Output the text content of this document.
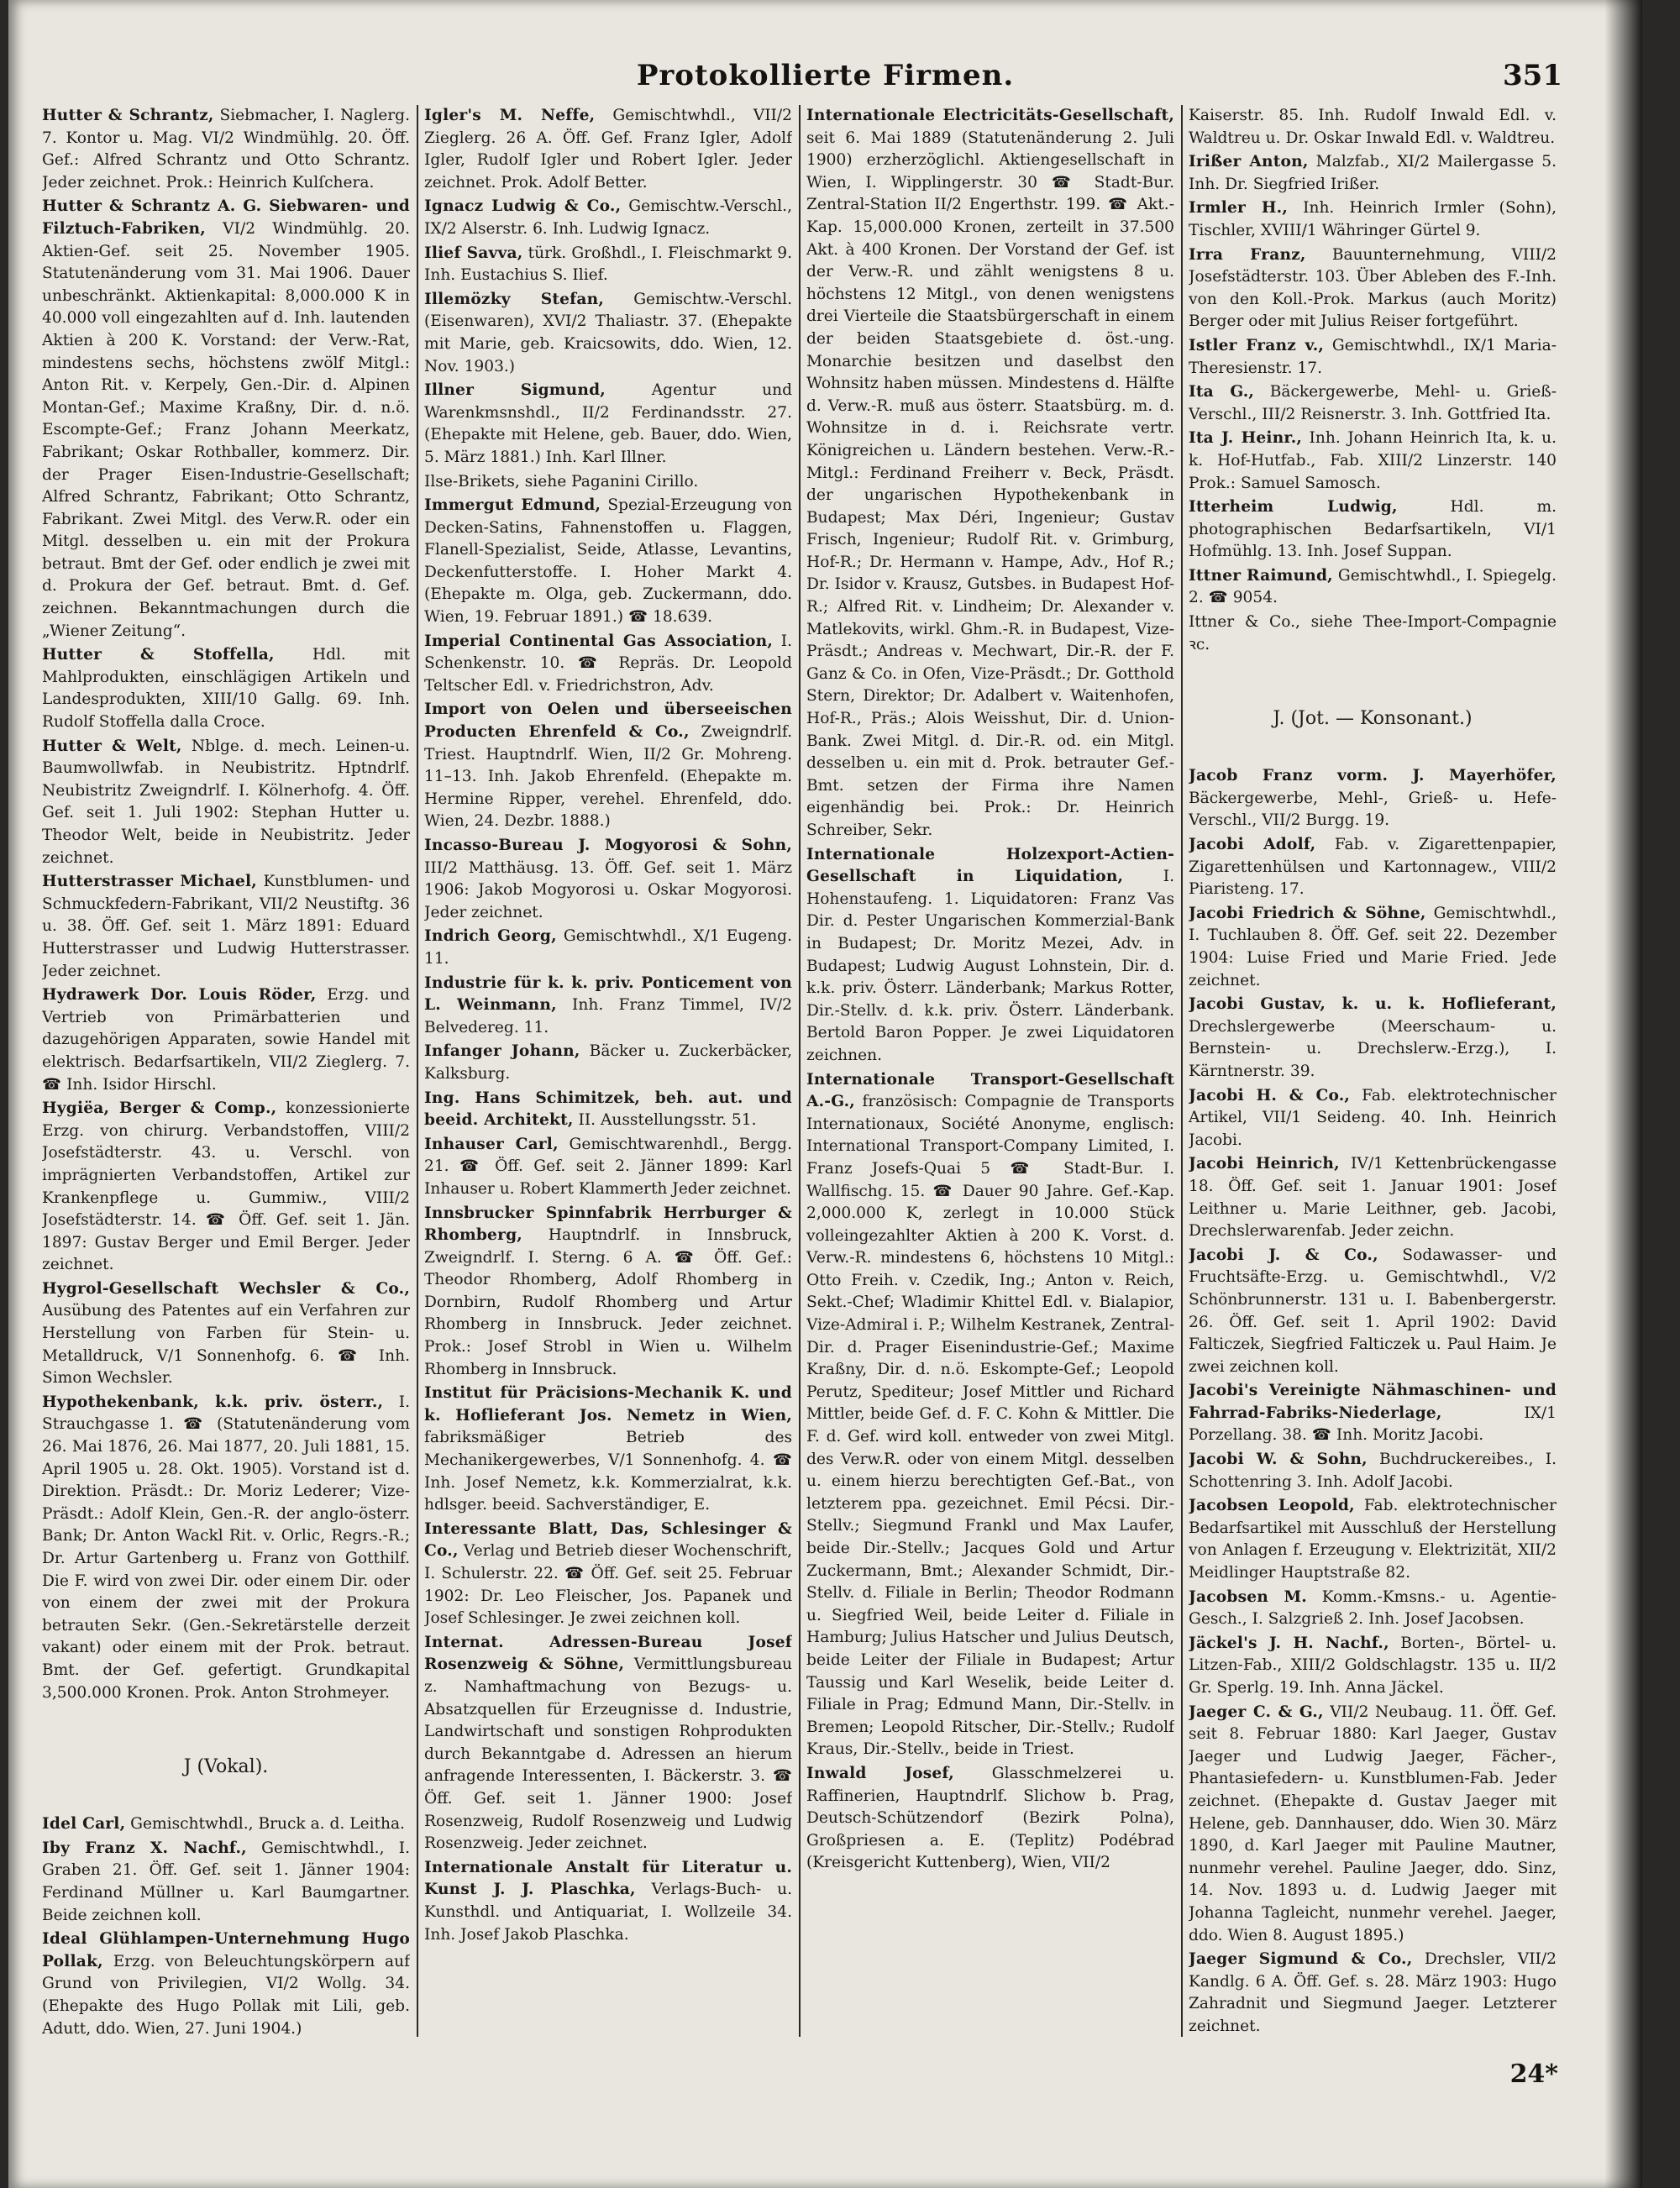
Protokollierte Firmen.	351

Hutter & Schrantz, Siebmacher, I. Naglerg. 7. Kontor u. Mag. VI/2 Windmühlg. 20. Öff. Gef.: Alfred Schrantz und Otto Schrantz. Jeder zeichnet. Prok.: Heinrich Kulſchera.

Hutter & Schrantz A. G. Siebwaren- und Filztuch-Fabriken, VI/2 Windmühlg. 20. Aktien-Gef. seit 25. November 1905. Statutenänderung vom 31. Mai 1906. Dauer unbeschränkt. Aktienkapital: 8,000.000 K in 40.000 voll eingezahlten auf d. Inh. lautenden Aktien à 200 K. Vorstand: der Verw.-Rat, mindestens sechs, höchstens zwölf Mitgl.: Anton Rit. v. Kerpely, Gen.-Dir. d. Alpinen Montan-Gef.; Maxime Kraßny, Dir. d. n.ö. Escompte-Gef.; Franz Johann Meerkatz, Fabrikant; Oskar Rothballer, kommerz. Dir. der Prager Eisen-Industrie-Gesellschaft; Alfred Schrantz, Fabrikant; Otto Schrantz, Fabrikant. Zwei Mitgl. des Verw.R. oder ein Mitgl. desselben u. ein mit der Prokura betraut. Bmt der Gef. oder endlich je zwei mit d. Prokura der Gef. betraut. Bmt. d. Gef. zeichnen. Bekanntmachungen durch die „Wiener Zeitung“.

Hutter & Stoffella, Hdl. mit Mahlprodukten, einschlägigen Artikeln und Landesprodukten, XIII/10 Gallg. 69. Inh. Rudolf Stoffella dalla Croce.

Hutter & Welt, Nblge. d. mech. Leinen-u. Baumwollwfab. in Neubistritz. Hptndrlf. Neubistritz Zweigndrlf. I. Kölnerhofg. 4. Öff. Gef. seit 1. Juli 1902: Stephan Hutter u. Theodor Welt, beide in Neubistritz. Jeder zeichnet.

Hutterstrasser Michael, Kunstblumen- und Schmuckfedern-Fabrikant, VII/2 Neustiftg. 36 u. 38. Öff. Gef. seit 1. März 1891: Eduard Hutterstrasser und Ludwig Hutterstrasser. Jeder zeichnet.

Hydrawerk Dor. Louis Röder, Erzg. und Vertrieb von Primärbatterien und dazugehörigen Apparaten, sowie Handel mit elektrisch. Bedarfsartikeln, VII/2 Zieglerg. 7. ☎ Inh. Isidor Hirschl.

Hygiëa, Berger & Comp., konzessionierte Erzg. von chirurg. Verbandstoffen, VIII/2 Josefstädterstr. 43. u. Verschl. von imprägnierten Verbandstoffen, Artikel zur Krankenpflege u. Gummiw., VIII/2 Josefstädterstr. 14. ☎ Öff. Gef. seit 1. Jän. 1897: Gustav Berger und Emil Berger. Jeder zeichnet.

Hygrol-Gesellschaft Wechsler & Co., Ausübung des Patentes auf ein Verfahren zur Herstellung von Farben für Stein- u. Metalldruck, V/1 Sonnenhofg. 6. ☎ Inh. Simon Wechsler.

Hypothekenbank, k.k. priv. österr., I. Strauchgasse 1. ☎ (Statutenänderung vom 26. Mai 1876, 26. Mai 1877, 20. Juli 1881, 15. April 1905 u. 28. Okt. 1905). Vorstand ist d. Direktion. Präsdt.: Dr. Moriz Lederer; Vize-Präsdt.: Adolf Klein, Gen.-R. der anglo-österr. Bank; Dr. Anton Wackl Rit. v. Orlic, Regrs.-R.; Dr. Artur Gartenberg u. Franz von Gotthilf. Die F. wird von zwei Dir. oder einem Dir. oder von einem der zwei mit der Prokura betrauten Sekr. (Gen.-Sekretärstelle derzeit vakant) oder einem mit der Prok. betraut. Bmt. der Gef. gefertigt. Grundkapital 3,500.000 Kronen. Prok. Anton Strohmeyer.

J (Vokal).

Idel Carl, Gemischtwhdl., Bruck a. d. Leitha.

Iby Franz X. Nachf., Gemischtwhdl., I. Graben 21. Öff. Gef. seit 1. Jänner 1904: Ferdinand Müllner u. Karl Baumgartner. Beide zeichnen koll.

Ideal Glühlampen-Unternehmung Hugo Pollak, Erzg. von Beleuchtungskörpern auf Grund von Privilegien, VI/2 Wollg. 34. (Ehepakte des Hugo Pollak mit Lili, geb. Adutt, ddo. Wien, 27. Juni 1904.)

Igler's M. Neffe, Gemischtwhdl., VII/2 Zieglerg. 26 A. Öff. Gef. Franz Igler, Adolf Igler, Rudolf Igler und Robert Igler. Jeder zeichnet. Prok. Adolf Better.

Ignacz Ludwig & Co., Gemischtw.-Verschl., IX/2 Alserstr. 6. Inh. Ludwig Ignacz.

Ilief Savva, türk. Großhdl., I. Fleischmarkt 9. Inh. Eustachius S. Ilief.

Illemözky Stefan, Gemischtw.-Verschl. (Eisenwaren), XVI/2 Thaliastr. 37. (Ehepakte mit Marie, geb. Kraicsowits, ddo. Wien, 12. Nov. 1903.)

Illner Sigmund, Agentur und Warenkmsnshdl., II/2 Ferdinandsstr. 27. (Ehepakte mit Helene, geb. Bauer, ddo. Wien, 5. März 1881.) Inh. Karl Illner.

Ilse-Brikets, siehe Paganini Cirillo.

Immergut Edmund, Spezial-Erzeugung von Decken-Satins, Fahnenstoffen u. Flaggen, Flanell-Spezialist, Seide, Atlasse, Levantins, Deckenfutterstoffe. I. Hoher Markt 4. (Ehepakte m. Olga, geb. Zuckermann, ddo. Wien, 19. Februar 1891.) ☎ 18.639.

Imperial Continental Gas Association, I. Schenkenstr. 10. ☎ Repräs. Dr. Leopold Teltscher Edl. v. Friedrichstron, Adv.

Import von Oelen und überseeischen Producten Ehrenfeld & Co., Zweigndrlf. Triest. Hauptndrlf. Wien, II/2 Gr. Mohreng. 11–13. Inh. Jakob Ehrenfeld. (Ehepakte m. Hermine Ripper, verehel. Ehrenfeld, ddo. Wien, 24. Dezbr. 1888.)

Incasso-Bureau J. Mogyorosi & Sohn, III/2 Matthäusg. 13. Öff. Gef. seit 1. März 1906: Jakob Mogyorosi u. Oskar Mogyorosi. Jeder zeichnet.

Indrich Georg, Gemischtwhdl., X/1 Eugeng. 11.

Industrie für k. k. priv. Ponticement von L. Weinmann, Inh. Franz Timmel, IV/2 Belvedereg. 11.

Infanger Johann, Bäcker u. Zuckerbäcker, Kalksburg.

Ing. Hans Schimitzek, beh. aut. und beeid. Architekt, II. Ausstellungsstr. 51.

Inhauser Carl, Gemischtwarenhdl., Bergg. 21. ☎ Öff. Gef. seit 2. Jänner 1899: Karl Inhauser u. Robert Klammerth Jeder zeichnet.

Innsbrucker Spinnfabrik Herrburger & Rhomberg, Hauptndrlf. in Innsbruck, Zweigndrlf. I. Sterng. 6 A. ☎ Öff. Gef.: Theodor Rhomberg, Adolf Rhomberg in Dornbirn, Rudolf Rhomberg und Artur Rhomberg in Innsbruck. Jeder zeichnet. Prok.: Josef Strobl in Wien u. Wilhelm Rhomberg in Innsbruck.

Institut für Präcisions-Mechanik K. und k. Hoflieferant Jos. Nemetz in Wien, fabriksmäßiger Betrieb des Mechanikergewerbes, V/1 Sonnenhofg. 4. ☎ Inh. Josef Nemetz, k.k. Kommerzialrat, k.k. hdlsger. beeid. Sachverständiger, E.

Interessante Blatt, Das, Schlesinger & Co., Verlag und Betrieb dieser Wochenschrift, I. Schulerstr. 22. ☎ Öff. Gef. seit 25. Februar 1902: Dr. Leo Fleischer, Jos. Papanek und Josef Schlesinger. Je zwei zeichnen koll.

Internat. Adressen-Bureau Josef Rosenzweig & Söhne, Vermittlungsbureau z. Namhaftmachung von Bezugs- u. Absatzquellen für Erzeugnisse d. Industrie, Landwirtschaft und sonstigen Rohprodukten durch Bekanntgabe d. Adressen an hierum anfragende Interessenten, I. Bäckerstr. 3. ☎ Öff. Gef. seit 1. Jänner 1900: Josef Rosenzweig, Rudolf Rosenzweig und Ludwig Rosenzweig. Jeder zeichnet.

Internationale Anstalt für Literatur u. Kunst J. J. Plaschka, Verlags-Buch- u. Kunsthdl. und Antiquariat, I. Wollzeile 34. Inh. Josef Jakob Plaschka.

Internationale Electricitäts-Gesellschaft, seit 6. Mai 1889 (Statutenänderung 2. Juli 1900) erzherzöglichl. Aktiengesellschaft in Wien, I. Wipplingerstr. 30 ☎ Stadt-Bur. Zentral-Station II/2 Engerthstr. 199. ☎ Akt.-Kap. 15,000.000 Kronen, zerteilt in 37.500 Akt. à 400 Kronen. Der Vorstand der Gef. ist der Verw.-R. und zählt wenigstens 8 u. höchstens 12 Mitgl., von denen wenigstens drei Vierteile die Staatsbürgerschaft in einem der beiden Staatsgebiete d. öst.-ung. Monarchie besitzen und daselbst den Wohnsitz haben müssen. Mindestens d. Hälfte d. Verw.-R. muß aus österr. Staatsbürg. m. d. Wohnsitze in d. i. Reichsrate vertr. Königreichen u. Ländern bestehen. Verw.-R.-Mitgl.: Ferdinand Freiherr v. Beck, Präsdt. der ungarischen Hypothekenbank in Budapest; Max Déri, Ingenieur; Gustav Frisch, Ingenieur; Rudolf Rit. v. Grimburg, Hof-R.; Dr. Hermann v. Hampe, Adv., Hof R.; Dr. Isidor v. Krausz, Gutsbes. in Budapest Hof-R.; Alfred Rit. v. Lindheim; Dr. Alexander v. Matlekovits, wirkl. Ghm.-R. in Budapest, Vize-Präsdt.; Andreas v. Mechwart, Dir.-R. der F. Ganz & Co. in Ofen, Vize-Präsdt.; Dr. Gotthold Stern, Direktor; Dr. Adalbert v. Waitenhofen, Hof-R., Präs.; Alois Weisshut, Dir. d. Union-Bank. Zwei Mitgl. d. Dir.-R. od. ein Mitgl. desselben u. ein mit d. Prok. betrauter Gef.-Bmt. setzen der Firma ihre Namen eigenhändig bei. Prok.: Dr. Heinrich Schreiber, Sekr.

Internationale Holzexport-Actien-Gesellschaft in Liquidation, I. Hohenstaufeng. 1. Liquidatoren: Franz Vas Dir. d. Pester Ungarischen Kommerzial-Bank in Budapest; Dr. Moritz Mezei, Adv. in Budapest; Ludwig August Lohnstein, Dir. d. k.k. priv. Österr. Länderbank; Markus Rotter, Dir.-Stellv. d. k.k. priv. Österr. Länderbank. Bertold Baron Popper. Je zwei Liquidatoren zeichnen.

Internationale Transport-Gesellschaft A.-G., französisch: Compagnie de Transports Internationaux, Société Anonyme, englisch: International Transport-Company Limited, I. Franz Josefs-Quai 5 ☎ Stadt-Bur. I. Wallfischg. 15. ☎ Dauer 90 Jahre. Gef.-Kap. 2,000.000 K, zerlegt in 10.000 Stück volleingezahlter Aktien à 200 K. Vorst. d. Verw.-R. mindestens 6, höchstens 10 Mitgl.: Otto Freih. v. Czedik, Ing.; Anton v. Reich, Sekt.-Chef; Wladimir Khittel Edl. v. Bialapior, Vize-Admiral i. P.; Wilhelm Kestranek, Zentral-Dir. d. Prager Eisenindustrie-Gef.; Maxime Kraßny, Dir. d. n.ö. Eskompte-Gef.; Leopold Perutz, Spediteur; Josef Mittler und Richard Mittler, beide Gef. d. F. C. Kohn & Mittler. Die F. d. Gef. wird koll. entweder von zwei Mitgl. des Verw.R. oder von einem Mitgl. desselben u. einem hierzu berechtigten Gef.-Bat., von letzterem ppa. gezeichnet. Emil Pécsi. Dir.-Stellv.; Siegmund Frankl und Max Laufer, beide Dir.-Stellv.; Jacques Gold und Artur Zuckermann, Bmt.; Alexander Schmidt, Dir.-Stellv. d. Filiale in Berlin; Theodor Rodmann u. Siegfried Weil, beide Leiter d. Filiale in Hamburg; Julius Hatscher und Julius Deutsch, beide Leiter der Filiale in Budapest; Artur Taussig und Karl Weselik, beide Leiter d. Filiale in Prag; Edmund Mann, Dir.-Stellv. in Bremen; Leopold Ritscher, Dir.-Stellv.; Rudolf Kraus, Dir.-Stellv., beide in Triest.

Inwald Josef, Glasschmelzerei u. Raffinerien, Hauptndrlf. Slichow b. Prag, Deutsch-Schützendorf (Bezirk Polna), Großpriesen a. E. (Teplitz) Podébrad (Kreisgericht Kuttenberg), Wien, VII/2

Kaiserstr. 85. Inh. Rudolf Inwald Edl. v. Waldtreu u. Dr. Oskar Inwald Edl. v. Waldtreu.

Irißer Anton, Malzfab., XI/2 Mailergasse 5. Inh. Dr. Siegfried Irißer.

Irmler H., Inh. Heinrich Irmler (Sohn), Tischler, XVIII/1 Währinger Gürtel 9.

Irra Franz, Bauunternehmung, VIII/2 Josefstädterstr. 103. Über Ableben des F.-Inh. von den Koll.-Prok. Markus (auch Moritz) Berger oder mit Julius Reiser fortgeführt.

Istler Franz v., Gemischtwhdl., IX/1 Maria-Theresienstr. 17.

Ita G., Bäckergewerbe, Mehl- u. Grieß-Verschl., III/2 Reisnerstr. 3. Inh. Gottfried Ita.

Ita J. Heinr., Inh. Johann Heinrich Ita, k. u. k. Hof-Hutfab., Fab. XIII/2 Linzerstr. 140 Prok.: Samuel Samosch.

Itterheim Ludwig, Hdl. m. photographischen Bedarfsartikeln, VI/1 Hofmühlg. 13. Inh. Josef Suppan.

Ittner Raimund, Gemischtwhdl., I. Spiegelg. 2. ☎ 9054.

Ittner & Co., siehe Thee-Import-Compagnie ꝛc.

J. (Jot. — Konsonant.)

Jacob Franz vorm. J. Mayerhöfer, Bäckergewerbe, Mehl-, Grieß- u. Hefe-Verschl., VII/2 Burgg. 19.

Jacobi Adolf, Fab. v. Zigarettenpapier, Zigarettenhülsen und Kartonnagew., VIII/2 Piaristeng. 17.

Jacobi Friedrich & Söhne, Gemischtwhdl., I. Tuchlauben 8. Öff. Gef. seit 22. Dezember 1904: Luise Fried und Marie Fried. Jede zeichnet.

Jacobi Gustav, k. u. k. Hoflieferant, Drechslergewerbe (Meerschaum- u. Bernstein- u. Drechslerw.-Erzg.), I. Kärntnerstr. 39.

Jacobi H. & Co., Fab. elektrotechnischer Artikel, VII/1 Seideng. 40. Inh. Heinrich Jacobi.

Jacobi Heinrich, IV/1 Kettenbrückengasse 18. Öff. Gef. seit 1. Januar 1901: Josef Leithner u. Marie Leithner, geb. Jacobi, Drechslerwarenfab. Jeder zeichn.

Jacobi J. & Co., Sodawasser- und Fruchtsäfte-Erzg. u. Gemischtwhdl., V/2 Schönbrunnerstr. 131 u. I. Babenbergerstr. 26. Öff. Gef. seit 1. April 1902: David Falticzek, Siegfried Falticzek u. Paul Haim. Je zwei zeichnen koll.

Jacobi's Vereinigte Nähmaschinen- und Fahrrad-Fabriks-Niederlage, IX/1 Porzellang. 38. ☎ Inh. Moritz Jacobi.

Jacobi W. & Sohn, Buchdruckereibes., I. Schottenring 3. Inh. Adolf Jacobi.

Jacobsen Leopold, Fab. elektrotechnischer Bedarfsartikel mit Ausschluß der Herstellung von Anlagen f. Erzeugung v. Elektrizität, XII/2 Meidlinger Hauptstraße 82.

Jacobsen M. Komm.-Kmsns.- u. Agentie-Gesch., I. Salzgrieß 2. Inh. Josef Jacobsen.

Jäckel's J. H. Nachf., Borten-, Börtel- u. Litzen-Fab., XIII/2 Goldschlagstr. 135 u. II/2 Gr. Sperlg. 19. Inh. Anna Jäckel.

Jaeger C. & G., VII/2 Neubaug. 11. Öff. Gef. seit 8. Februar 1880: Karl Jaeger, Gustav Jaeger und Ludwig Jaeger, Fächer-, Phantasiefedern- u. Kunstblumen-Fab. Jeder zeichnet. (Ehepakte d. Gustav Jaeger mit Helene, geb. Dannhauser, ddo. Wien 30. März 1890, d. Karl Jaeger mit Pauline Mautner, nunmehr verehel. Pauline Jaeger, ddo. Sinz, 14. Nov. 1893 u. d. Ludwig Jaeger mit Johanna Tagleicht, nunmehr verehel. Jaeger, ddo. Wien 8. August 1895.)

Jaeger Sigmund & Co., Drechsler, VII/2 Kandlg. 6 A. Öff. Gef. s. 28. März 1903: Hugo Zahradnit und Siegmund Jaeger. Letzterer zeichnet.

24*
